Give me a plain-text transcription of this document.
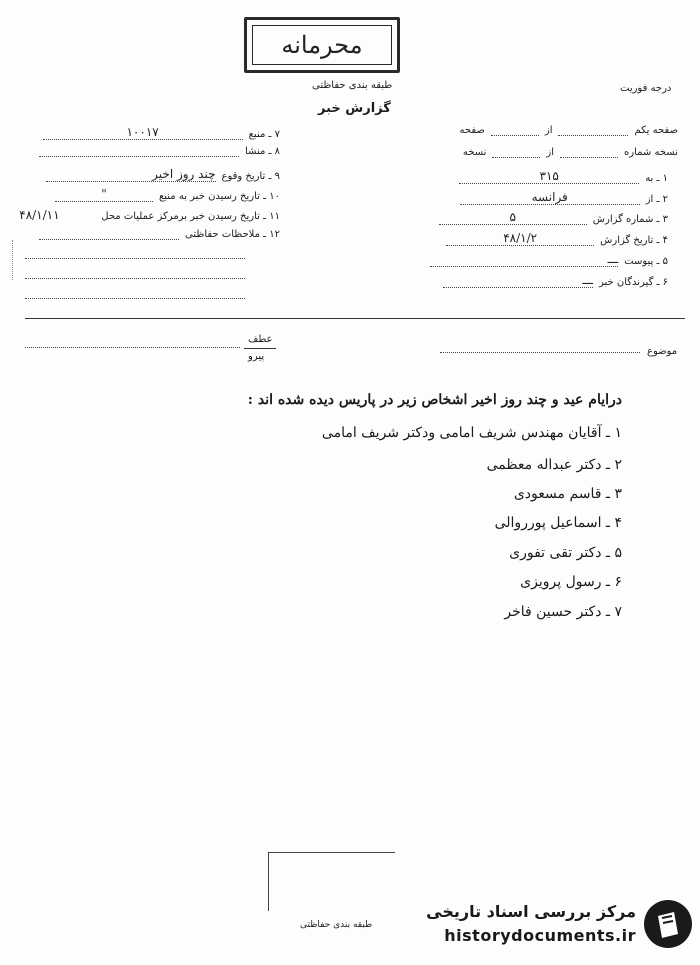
محرمانه
طبقه بندی حفاظتی	درجه فوریت
گزارش خبر
صفحه یکم
از
صفحه
نسخه شماره
از
نسخه
۱ ـ به
۳۱۵
۲ ـ از
فرانسه
۳ ـ شماره گزارش
۵
۴ ـ تاریخ گزارش
۴۸/۱/۲
۵ ـ پیوست
ـــ
۶ ـ گیرندگان خبر
ـــ
۷ ـ منبع
۱۰۰۱۷
۸ ـ منشا
۹ ـ تاریخ وقوع
چند روز اخیر
۱۰ ـ تاریخ رسیدن خبر به منبع
"
۱۱ ـ تاریخ رسیدن خبر برمرکز عملیات محل
۴۸/۱/۱۱
۱۲ ـ ملاحظات حفاظتی
عطف
پیرو	موضوع
درایام عید و چند روز اخیر اشخاص زیر در پاریس دیده شده اند :
۱ ـ آقایان مهندس شریف امامی ودکتر شریف امامی
۲ ـ دکتر عبداله معظمی
۳ ـ قاسم مسعودی
۴ ـ اسماعیل پورروالی
۵ ـ دکتر تقی تفوری
۶ ـ رسول پرویزی
۷ ـ دکتر حسین فاخر
طبقه بندی حفاظتی
مرکز بررسی اسناد تاریخی
historydocuments.ir
